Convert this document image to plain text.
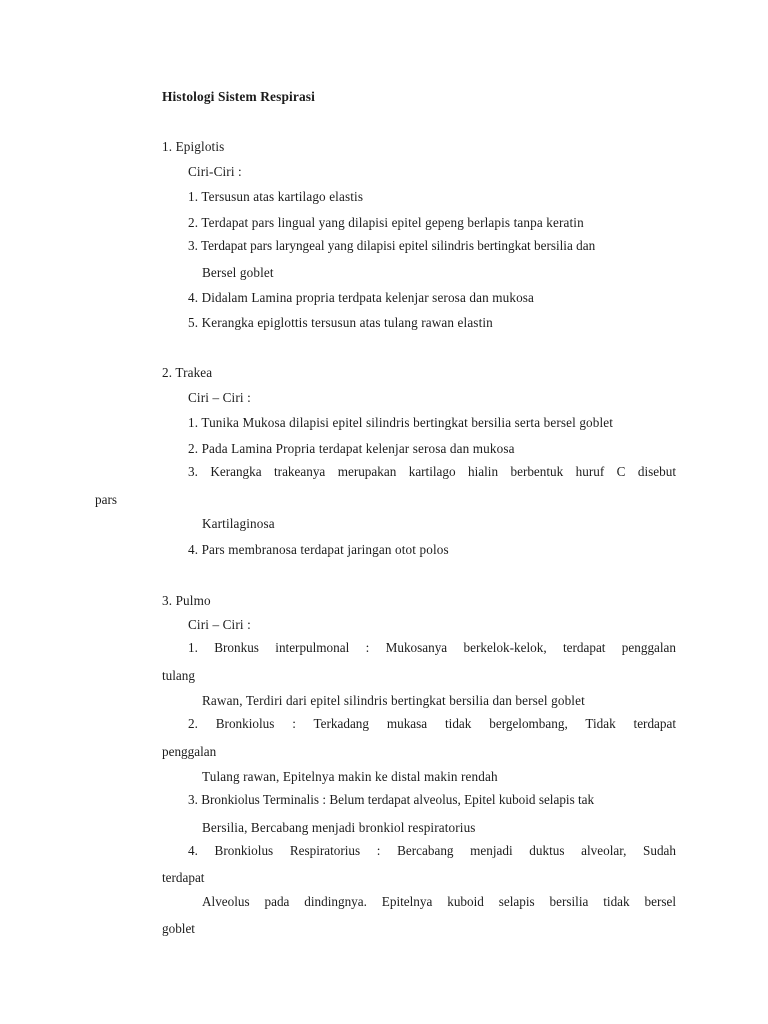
Histologi Sistem Respirasi
1. Epiglotis
Ciri-Ciri :
1. Tersusun atas kartilago elastis
2. Terdapat pars lingual yang dilapisi epitel gepeng berlapis tanpa keratin
3. Terdapat pars laryngeal yang dilapisi epitel silindris bertingkat bersilia dan
Bersel goblet
4. Didalam Lamina propria terdpata kelenjar serosa dan mukosa
5. Kerangka epiglottis tersusun atas tulang rawan elastin
2. Trakea
Ciri – Ciri :
1. Tunika Mukosa dilapisi epitel silindris bertingkat bersilia serta bersel goblet
2. Pada Lamina Propria terdapat kelenjar serosa dan mukosa
3. Kerangka trakeanya merupakan kartilago hialin berbentuk huruf C disebut
pars
Kartilaginosa
4. Pars membranosa terdapat jaringan otot polos
3. Pulmo
Ciri – Ciri :
1. Bronkus interpulmonal : Mukosanya berkelok-kelok, terdapat penggalan
tulang
Rawan, Terdiri dari epitel silindris bertingkat bersilia dan bersel goblet
2. Bronkiolus : Terkadang mukasa tidak bergelombang, Tidak terdapat
penggalan
Tulang rawan, Epitelnya makin ke distal makin rendah
3. Bronkiolus Terminalis : Belum terdapat alveolus, Epitel kuboid selapis tak
Bersilia, Bercabang menjadi bronkiol respiratorius
4. Bronkiolus Respiratorius : Bercabang menjadi duktus alveolar, Sudah
terdapat
Alveolus pada dindingnya. Epitelnya kuboid selapis bersilia tidak bersel
goblet
